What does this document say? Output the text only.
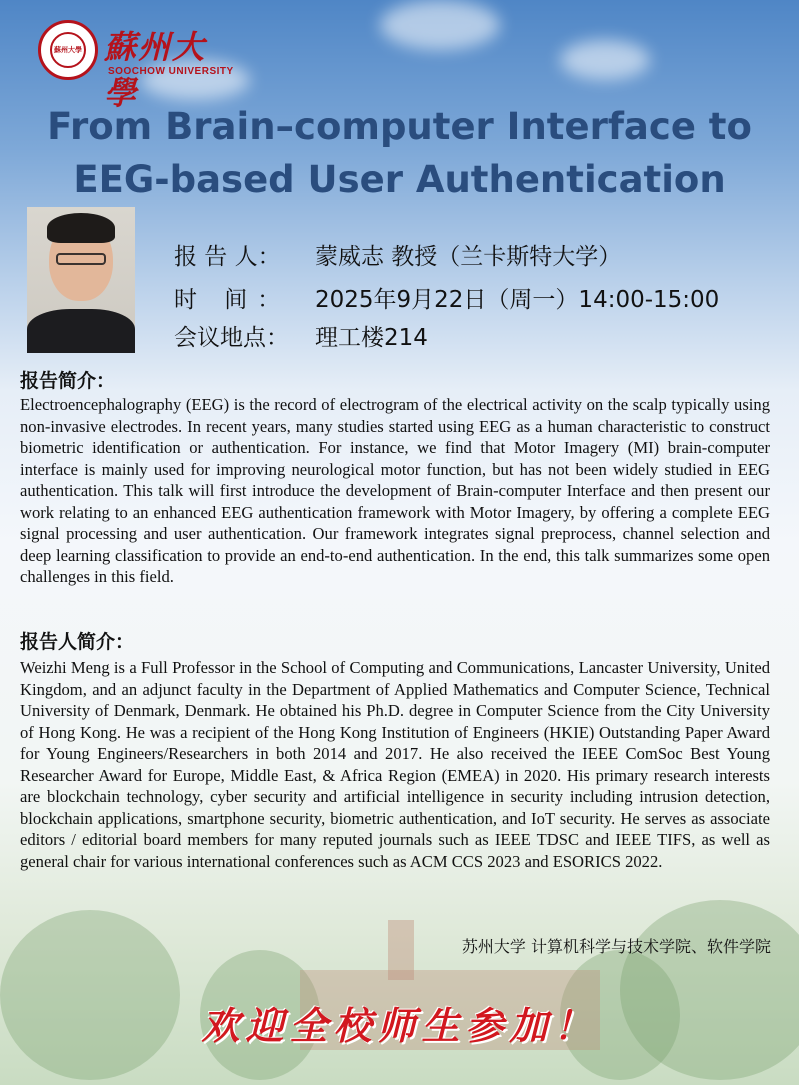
蘇州大學 蘇州大學
SOOCHOW UNIVERSITY
From Brain–computer Interface to
EEG-based User Authentication
报 告 人： 蒙威志 教授（兰卡斯特大学）
时 间： 2025年9月22日（周一）14:00-15:00
会议地点： 理工楼214
报告简介：
Electroencephalography (EEG) is the record of electrogram of the electrical activity on the scalp typically using non-invasive electrodes. In recent years, many studies started using EEG as a human characteristic to construct biometric identification or authentication. For instance, we find that Motor Imagery (MI) brain-computer interface is mainly used for improving neurological motor function, but has not been widely studied in EEG authentication. This talk will first introduce the development of Brain-computer Interface and then present our work relating to an enhanced EEG authentication framework with Motor Imagery, by offering a complete EEG signal processing and user authentication. Our framework integrates signal preprocess, channel selection and deep learning classification to provide an end-to-end authentication. In the end, this talk summarizes some open challenges in this field.
报告人简介：
Weizhi Meng is a Full Professor in the School of Computing and Communications, Lancaster University, United Kingdom, and an adjunct faculty in the Department of Applied Mathematics and Computer Science, Technical University of Denmark, Denmark. He obtained his Ph.D. degree in Computer Science from the City University of Hong Kong. He was a recipient of the Hong Kong Institution of Engineers (HKIE) Outstanding Paper Award for Young Engineers/Researchers in both 2014 and 2017. He also received the IEEE ComSoc Best Young Researcher Award for Europe, Middle East, & Africa Region (EMEA) in 2020. His primary research interests are blockchain technology, cyber security and artificial intelligence in security including intrusion detection, blockchain applications, smartphone security, biometric authentication, and IoT security. He serves as associate editors / editorial board members for many reputed journals such as IEEE TDSC and IEEE TIFS, as well as general chair for various international conferences such as ACM CCS 2023 and ESORICS 2022.
苏州大学 计算机科学与技术学院、软件学院
欢迎全校师生参加！
